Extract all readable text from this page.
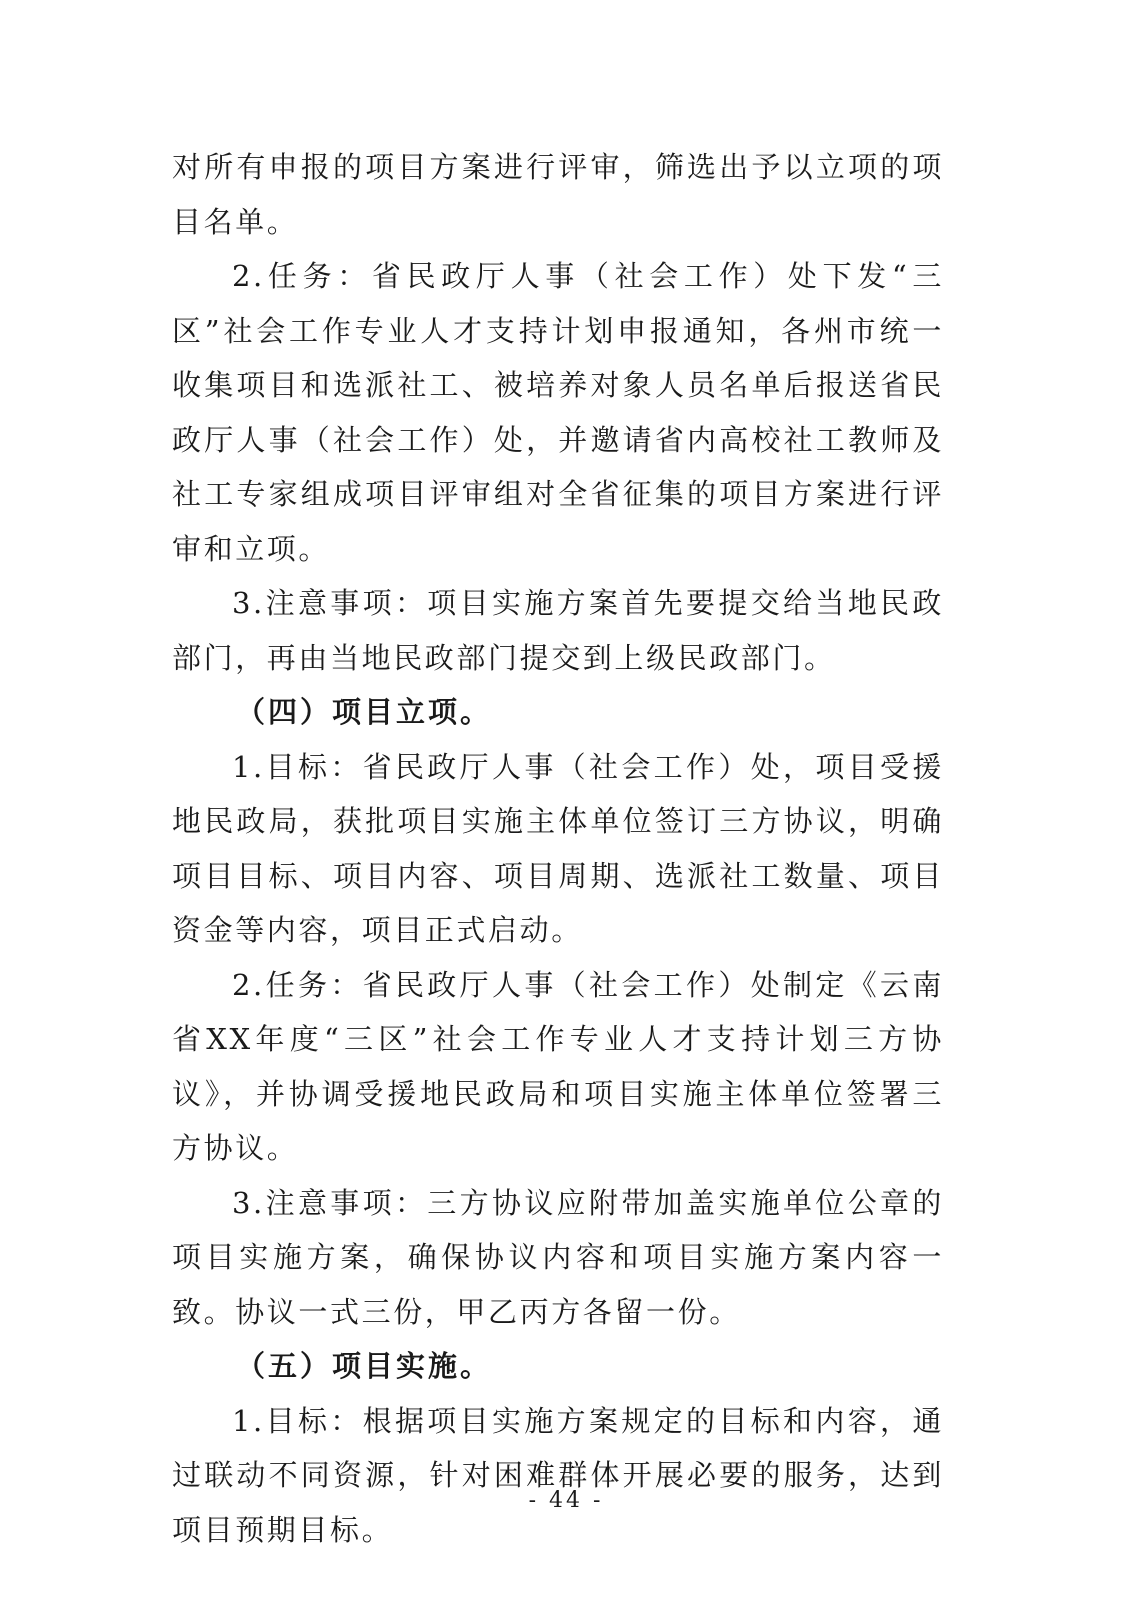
对所有申报的项目方案进行评审，筛选出予以立项的项目名单。

2.任务：省民政厅人事（社会工作）处下发“三区”社会工作专业人才支持计划申报通知，各州市统一收集项目和选派社工、被培养对象人员名单后报送省民政厅人事（社会工作）处，并邀请省内高校社工教师及社工专家组成项目评审组对全省征集的项目方案进行评审和立项。

3.注意事项：项目实施方案首先要提交给当地民政部门，再由当地民政部门提交到上级民政部门。

（四）项目立项。

1.目标：省民政厅人事（社会工作）处，项目受援地民政局，获批项目实施主体单位签订三方协议，明确项目目标、项目内容、项目周期、选派社工数量、项目资金等内容，项目正式启动。

2.任务：省民政厅人事（社会工作）处制定《云南省XX年度“三区”社会工作专业人才支持计划三方协议》，并协调受援地民政局和项目实施主体单位签署三方协议。

3.注意事项：三方协议应附带加盖实施单位公章的项目实施方案，确保协议内容和项目实施方案内容一致。协议一式三份，甲乙丙方各留一份。

（五）项目实施。

1.目标：根据项目实施方案规定的目标和内容，通过联动不同资源，针对困难群体开展必要的服务，达到项目预期目标。

- 44 -
